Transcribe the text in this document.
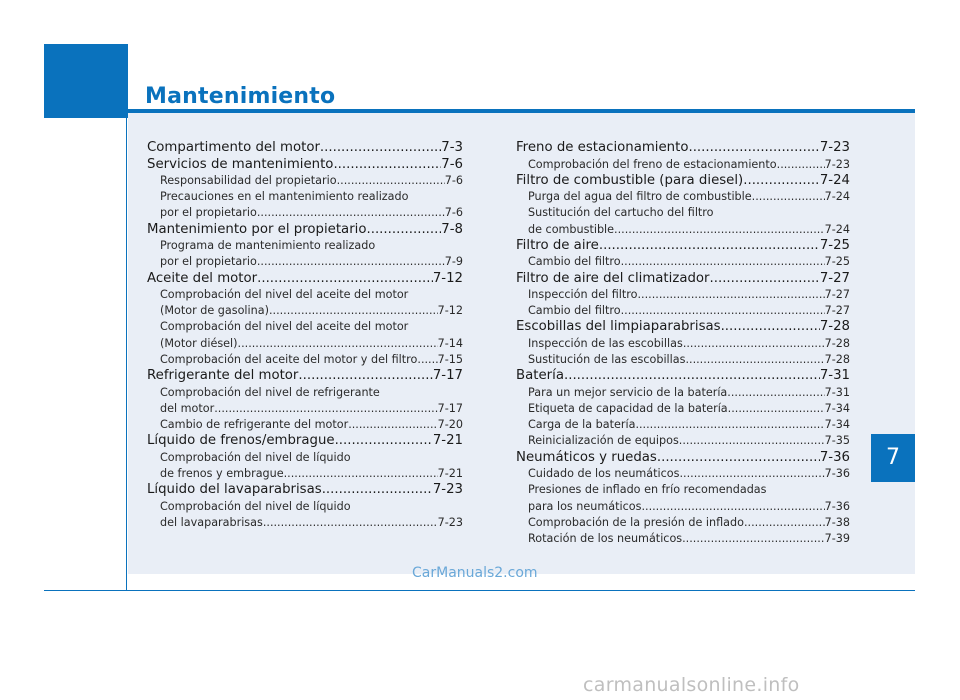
Mantenimiento
Compartimento del motor .....	7-3
Servicios de mantenimiento .....	7-6
Responsabilidad del propietario .....	7-6
Precauciones en el mantenimiento realizado
por el propietario .....	7-6
Mantenimiento por el propietario .....	7-8
Programa de mantenimiento realizado
por el propietario .....	7-9
Aceite del motor .....	7-12
Comprobación del nivel del aceite del motor
(Motor de gasolina) .....	7-12
Comprobación del nivel del aceite del motor
(Motor diésel) .....	7-14
Comprobación del aceite del motor y del filtro ..... 7-15
Refrigerante del motor .....	7-17
Comprobación del nivel de refrigerante
del motor .....	7-17
Cambio de refrigerante del motor .....	7-20
Líquido de frenos/embrague .....	7-21
Comprobación del nivel de líquido
de frenos y embrague .....	7-21
Líquido del lavaparabrisas .....	7-23
Comprobación del nivel de líquido
del lavaparabrisas .....	7-23
Freno de estacionamiento .....	7-23
Comprobación del freno de estacionamiento .....	7-23
Filtro de combustible (para diesel) .....	7-24
Purga del agua del filtro de combustible .....	7-24
Sustitución del cartucho del filtro
de combustible .....	7-24
Filtro de aire .....	7-25
Cambio del filtro .....	7-25
Filtro de aire del climatizador .....	7-27
Inspección del filtro .....	7-27
Cambio del filtro .....	7-27
Escobillas del limpiaparabrisas .....	7-28
Inspección de las escobillas .....	7-28
Sustitución de las escobillas .....	7-28
Batería .....	7-31
Para un mejor servicio de la batería .....	7-31
Etiqueta de capacidad de la batería .....	7-34
Carga de la batería .....	7-34
Reinicialización de equipos .....	7-35
Neumáticos y ruedas .....	7-36
Cuidado de los neumáticos .....	7-36
Presiones de inflado en frío recomendadas
para los neumáticos .....	7-36
Comprobación de la presión de inflado .....	7-38
Rotación de los neumáticos .....	7-39
7
CarManuals2.com
carmanualsonline.info
